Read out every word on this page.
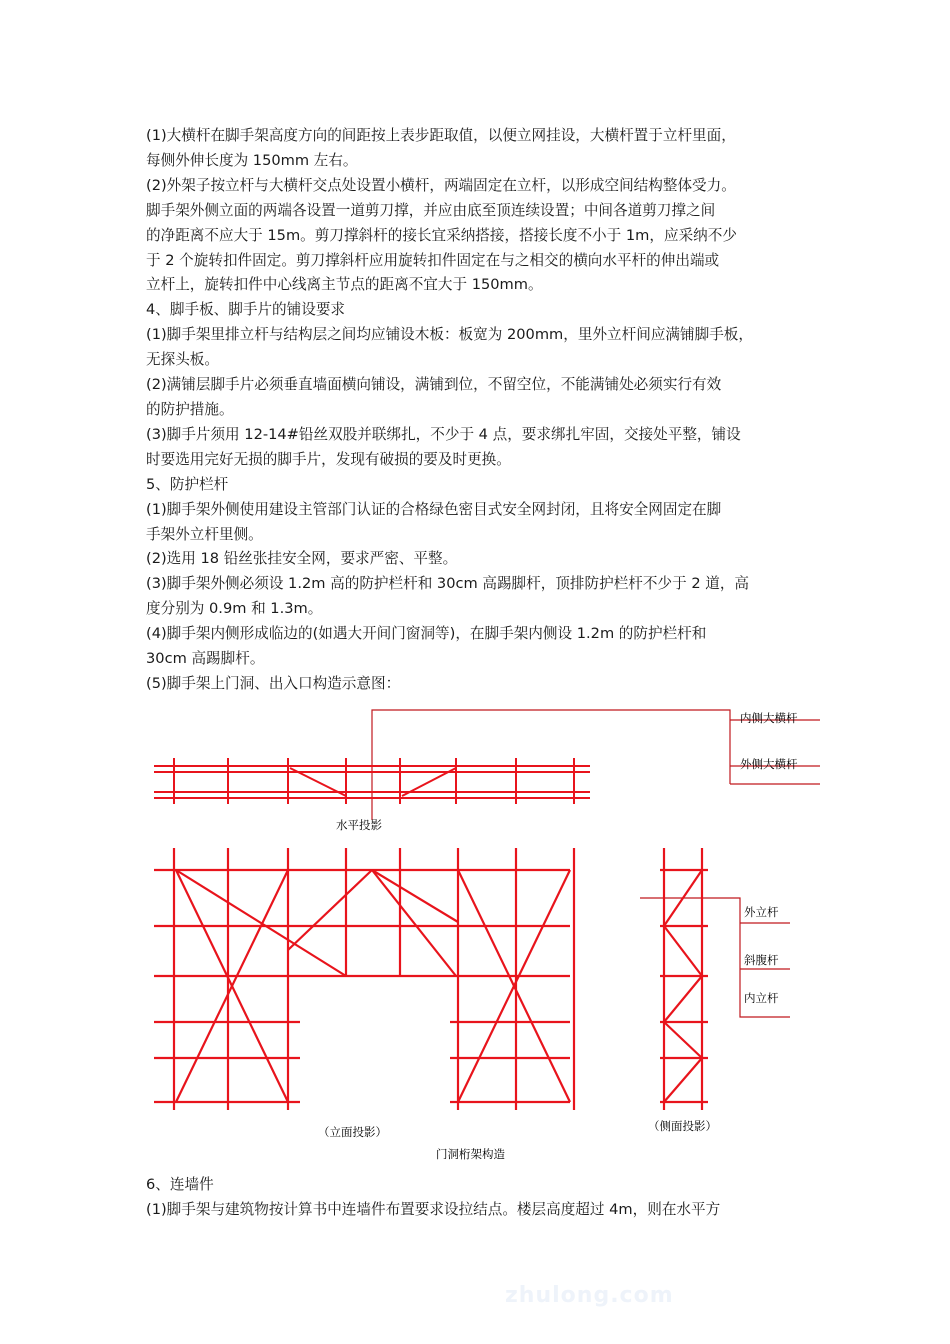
(1)大横杆在脚手架高度方向的间距按上表步距取值，以便立网挂设，大横杆置于立杆里面，

每侧外伸长度为 150mm 左右。

(2)外架子按立杆与大横杆交点处设置小横杆，两端固定在立杆，以形成空间结构整体受力。

脚手架外侧立面的两端各设置一道剪刀撑，并应由底至顶连续设置；中间各道剪刀撑之间

的净距离不应大于 15m。剪刀撑斜杆的接长宜采纳搭接，搭接长度不小于 1m，应采纳不少

于 2 个旋转扣件固定。剪刀撑斜杆应用旋转扣件固定在与之相交的横向水平杆的伸出端或

立杆上，旋转扣件中心线离主节点的距离不宜大于 150mm。

4、脚手板、脚手片的铺设要求

(1)脚手架里排立杆与结构层之间均应铺设木板：板宽为 200mm，里外立杆间应满铺脚手板，

无探头板。

(2)满铺层脚手片必须垂直墙面横向铺设，满铺到位，不留空位，不能满铺处必须实行有效

的防护措施。

(3)脚手片须用 12-14#铅丝双股并联绑扎，不少于 4 点，要求绑扎牢固，交接处平整，铺设

时要选用完好无损的脚手片，发现有破损的要及时更换。

5、防护栏杆

(1)脚手架外侧使用建设主管部门认证的合格绿色密目式安全网封闭，且将安全网固定在脚

手架外立杆里侧。

(2)选用 18 铅丝张挂安全网，要求严密、平整。

(3)脚手架外侧必须设 1.2m 高的防护栏杆和 30cm 高踢脚杆，顶排防护栏杆不少于 2 道，高

度分别为 0.9m 和 1.3m。

(4)脚手架内侧形成临边的(如遇大开间门窗洞等)，在脚手架内侧设 1.2m 的防护栏杆和

30cm 高踢脚杆。

(5)脚手架上门洞、出入口构造示意图：

内侧大横杆
外侧大横杆
水平投影
外立杆
斜腹杆
内立杆
（立面投影）	（侧面投影）
门洞桁架构造

6、连墙件

(1)脚手架与建筑物按计算书中连墙件布置要求设拉结点。楼层高度超过 4m，则在水平方

zhulong.com
